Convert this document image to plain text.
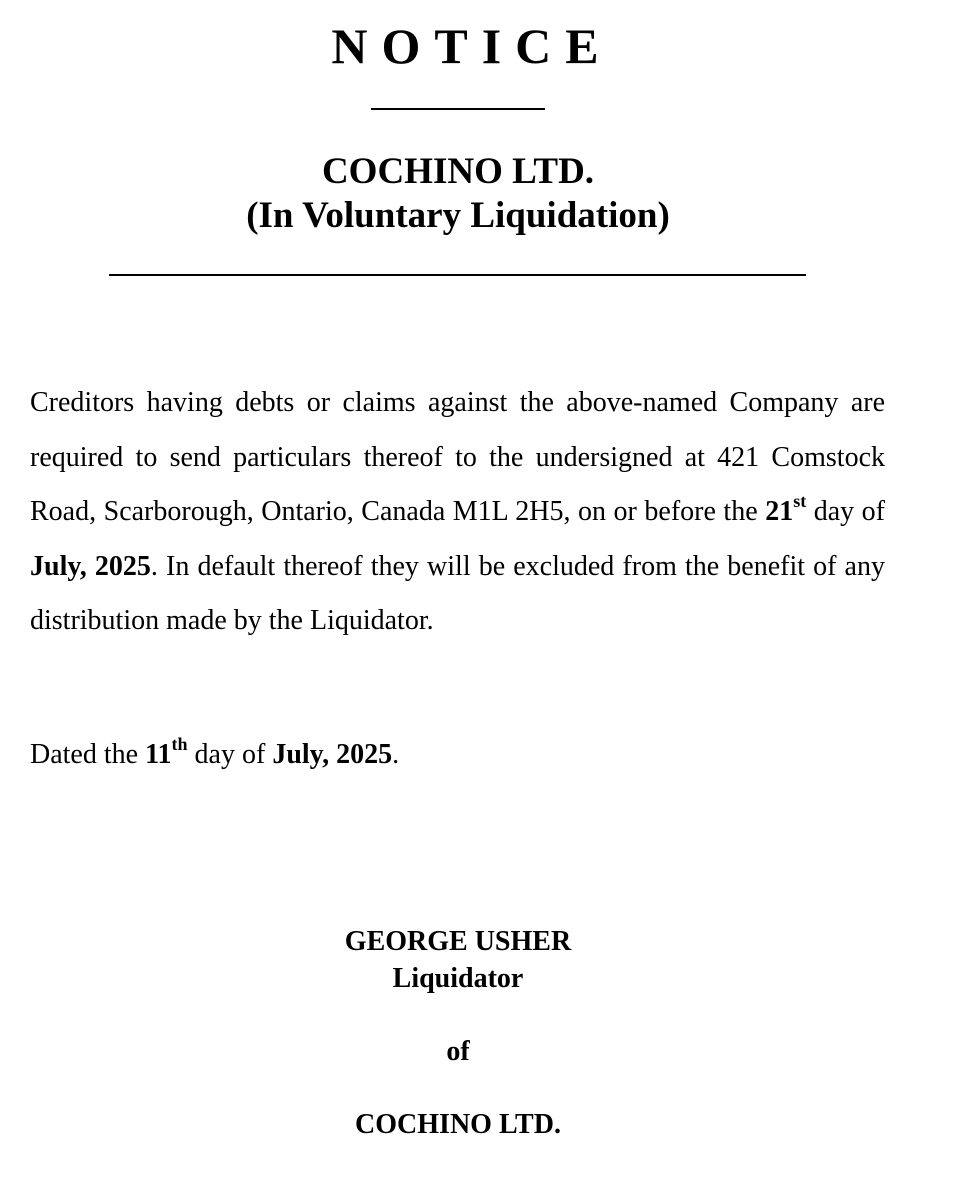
NOTICE
COCHINO LTD.
(In Voluntary Liquidation)

Creditors having debts or claims against the above-named Company are required to send particulars thereof to the undersigned at 421 Comstock Road, Scarborough, Ontario, Canada M1L 2H5, on or before the 21st day of July, 2025. In default thereof they will be excluded from the benefit of any distribution made by the Liquidator.

Dated the 11th day of July, 2025.

GEORGE USHER
Liquidator
of
COCHINO LTD.
